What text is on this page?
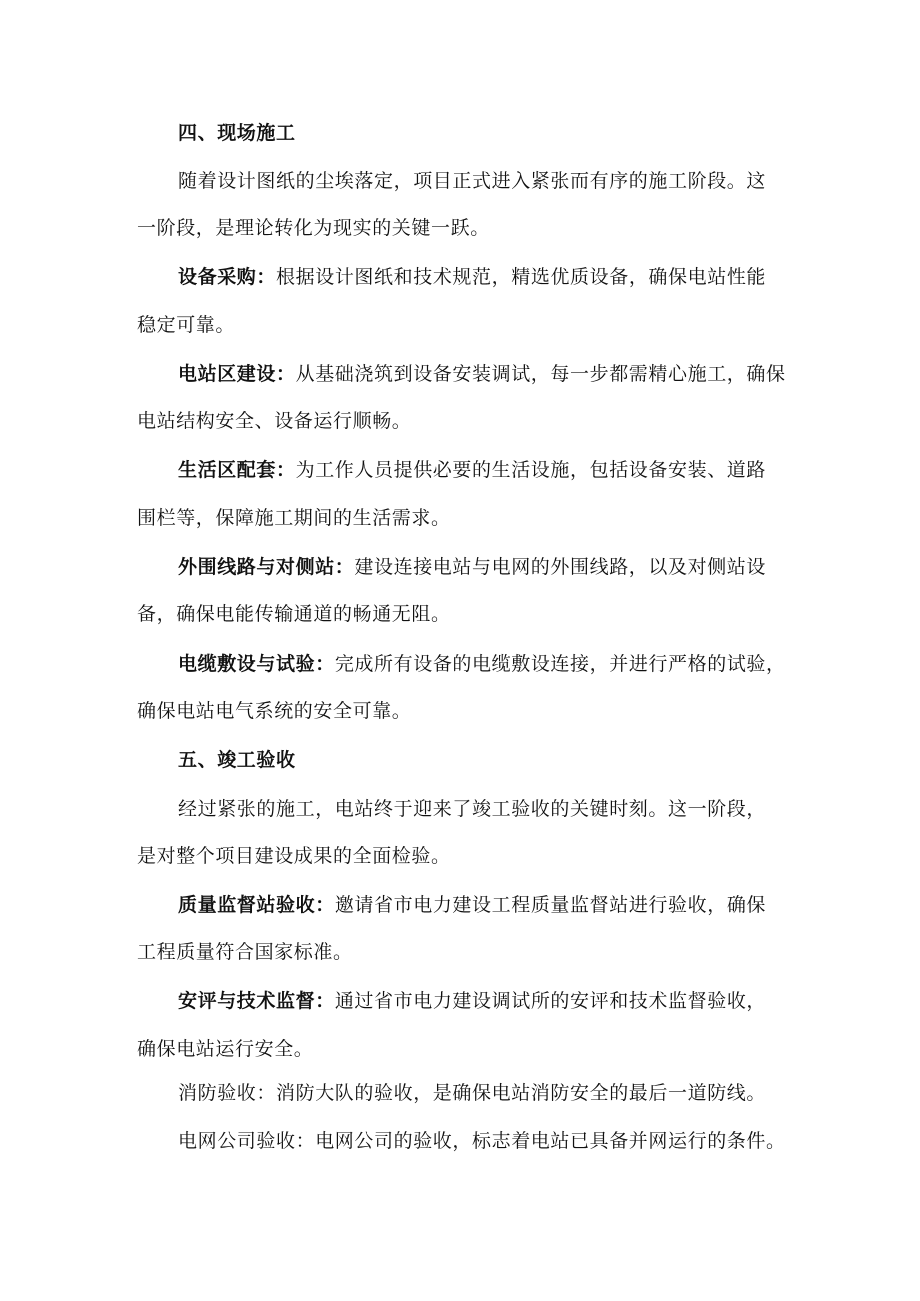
四、现场施工
随着设计图纸的尘埃落定，项目正式进入紧张而有序的施工阶段。这
一阶段，是理论转化为现实的关键一跃。
设备采购：根据设计图纸和技术规范，精选优质设备，确保电站性能
稳定可靠。
电站区建设：从基础浇筑到设备安装调试，每一步都需精心施工，确保
电站结构安全、设备运行顺畅。
生活区配套：为工作人员提供必要的生活设施，包括设备安装、道路
围栏等，保障施工期间的生活需求。
外围线路与对侧站：建设连接电站与电网的外围线路，以及对侧站设
备，确保电能传输通道的畅通无阻。
电缆敷设与试验：完成所有设备的电缆敷设连接，并进行严格的试验，
确保电站电气系统的安全可靠。
五、竣工验收
经过紧张的施工，电站终于迎来了竣工验收的关键时刻。这一阶段，
是对整个项目建设成果的全面检验。
质量监督站验收：邀请省市电力建设工程质量监督站进行验收，确保
工程质量符合国家标准。
安评与技术监督：通过省市电力建设调试所的安评和技术监督验收，
确保电站运行安全。
消防验收：消防大队的验收，是确保电站消防安全的最后一道防线。
电网公司验收：电网公司的验收，标志着电站已具备并网运行的条件。
